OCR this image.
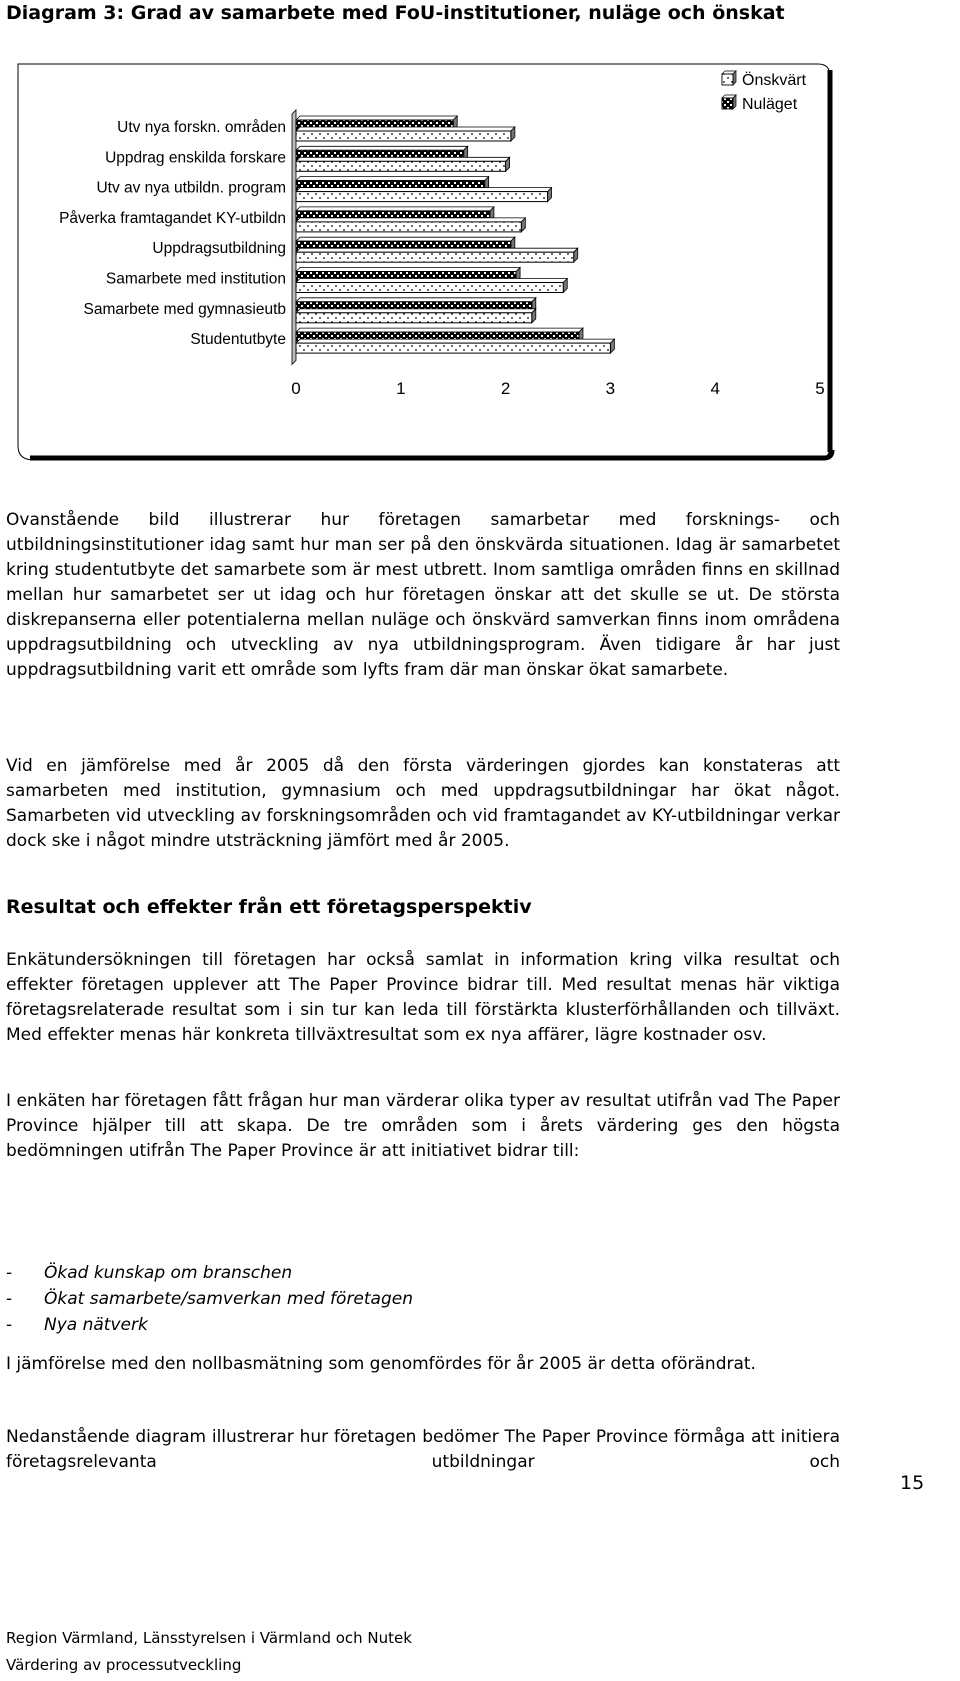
Diagram 3: Grad av samarbete med FoU-institutioner, nuläge och önskat
Utv nya forskn. områden
Uppdrag enskilda forskare
Utv av nya utbildn. program
Påverka framtagandet KY-utbildn
Uppdragsutbildning
Samarbete med institution
Samarbete med gymnasieutb
Studentutbyte
0	1	2	3	4	5
Önskvärt
Nuläget

Ovanstående bild illustrerar hur företagen samarbetar med forsknings- och utbildningsinstitutioner idag samt hur man ser på den önskvärda situationen. Idag är samarbetet kring studentutbyte det samarbete som är mest utbrett. Inom samtliga områden finns en skillnad mellan hur samarbetet ser ut idag och hur företagen önskar att det skulle se ut. De största diskrepanserna eller potentialerna mellan nuläge och önskvärd samverkan finns inom områdena uppdragsutbildning och utveckling av nya utbildningsprogram. Även tidigare år har just uppdragsutbildning varit ett område som lyfts fram där man önskar ökat samarbete.

Vid en jämförelse med år 2005 då den första värderingen gjordes kan konstateras att samarbeten med institution, gymnasium och med uppdragsutbildningar har ökat något. Samarbeten vid utveckling av forskningsområden och vid framtagandet av KY-utbildningar verkar dock ske i något mindre utsträckning jämfört med år 2005.

Resultat och effekter från ett företagsperspektiv

Enkätundersökningen till företagen har också samlat in information kring vilka resultat och effekter företagen upplever att The Paper Province bidrar till. Med resultat menas här viktiga företagsrelaterade resultat som i sin tur kan leda till förstärkta klusterförhållanden och tillväxt. Med effekter menas här konkreta tillväxtresultat som ex nya affärer, lägre kostnader osv.

I enkäten har företagen fått frågan hur man värderar olika typer av resultat utifrån vad The Paper Province hjälper till att skapa. De tre områden som i årets värdering ges den högsta bedömningen utifrån The Paper Province är att initiativet bidrar till:

-	Ökad kunskap om branschen
-	Ökat samarbete/samverkan med företagen
-	Nya nätverk

I jämförelse med den nollbasmätning som genomfördes för år 2005 är detta oförändrat.

Nedanstående diagram illustrerar hur företagen bedömer The Paper Province förmåga att initiera företagsrelevanta utbildningar och

15
Region Värmland, Länsstyrelsen i Värmland och Nutek
Värdering av processutveckling
